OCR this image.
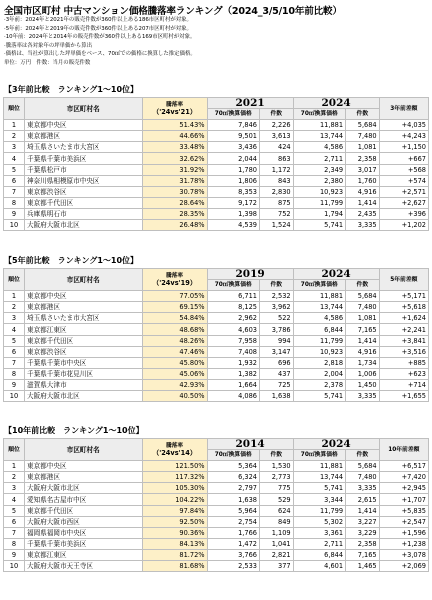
全国市区町村 中古マンション価格騰落率ランキング（2024_3/5/10年前比較）
·3年前：2024年と2021年の販売件数が360件以上ある186市区町村が対象。
·5年前：2024年と2019年の販売件数が360件以上ある207市区町村が対象。
·10年前：2024年と2014年の販売件数が360件以上ある169市区町村が対象。
·騰落率は各対象年の坪単価から算出
·価格は、当社が算出した坪単価をベース、70㎡での価格に換算した推定価格。
単位：万円　件数：当月の販売件数
【3年前比較　ランキング1～10位】
順位	市区町村名	騰落率
（'24vs'21）	2021		2024		3年前差額
			70㎡換算価格	件数	70㎡換算価格	件数	
1	東京都中央区	51.43%	7,846	2,226	11,881	5,684	+4,035
2	東京都港区	44.66%	9,501	3,613	13,744	7,480	+4,243
3	埼玉県さいたま市大宮区	33.48%	3,436	424	4,586	1,081	+1,150
4	千葉県千葉市美浜区	32.62%	2,044	863	2,711	2,358	+667
5	千葉県松戸市	31.92%	1,780	1,172	2,349	3,017	+568
6	神奈川県相模原市中央区	31.78%	1,806	843	2,380	1,760	+574
7	東京都渋谷区	30.78%	8,353	2,830	10,923	4,916	+2,571
8	東京都千代田区	28.64%	9,172	875	11,799	1,414	+2,627
9	兵庫県明石市	28.35%	1,398	752	1,794	2,435	+396
10	大阪府大阪市北区	26.48%	4,539	1,524	5,741	3,335	+1,202
【5年前比較　ランキング1～10位】
順位	市区町村名	騰落率
（'24vs'19）	2019		2024		5年前差額
			70㎡換算価格	件数	70㎡換算価格	件数	
1	東京都中央区	77.05%	6,711	2,532	11,881	5,684	+5,171
2	東京都港区	69.15%	8,125	3,962	13,744	7,480	+5,618
3	埼玉県さいたま市大宮区	54.84%	2,962	522	4,586	1,081	+1,624
4	東京都江東区	48.68%	4,603	3,786	6,844	7,165	+2,241
5	東京都千代田区	48.26%	7,958	994	11,799	1,414	+3,841
6	東京都渋谷区	47.46%	7,408	3,147	10,923	4,916	+3,516
7	千葉県千葉市中央区	45.80%	1,932	696	2,818	1,734	+885
8	千葉県千葉市花見川区	45.06%	1,382	437	2,004	1,006	+623
9	滋賀県大津市	42.93%	1,664	725	2,378	1,450	+714
10	大阪府大阪市北区	40.50%	4,086	1,638	5,741	3,335	+1,655
【10年前比較　ランキング1～10位】
順位	市区町村名	騰落率
（'24vs'14）	2014		2024		10年前差額
			70㎡換算価格	件数	70㎡換算価格	件数	
1	東京都中央区	121.50%	5,364	1,530	11,881	5,684	+6,517
2	東京都港区	117.32%	6,324	2,773	13,744	7,480	+7,420
3	大阪府大阪市北区	105.30%	2,797	775	5,741	3,335	+2,945
4	愛知県名古屋市中区	104.22%	1,638	529	3,344	2,615	+1,707
5	東京都千代田区	97.84%	5,964	624	11,799	1,414	+5,835
6	大阪府大阪市西区	92.50%	2,754	849	5,302	3,227	+2,547
7	福岡県福岡市中央区	90.36%	1,766	1,109	3,361	3,229	+1,596
8	千葉県千葉市美浜区	84.13%	1,472	1,041	2,711	2,358	+1,238
9	東京都江東区	81.72%	3,766	2,821	6,844	7,165	+3,078
10	大阪府大阪市天王寺区	81.68%	2,533	377	4,601	1,465	+2,069
